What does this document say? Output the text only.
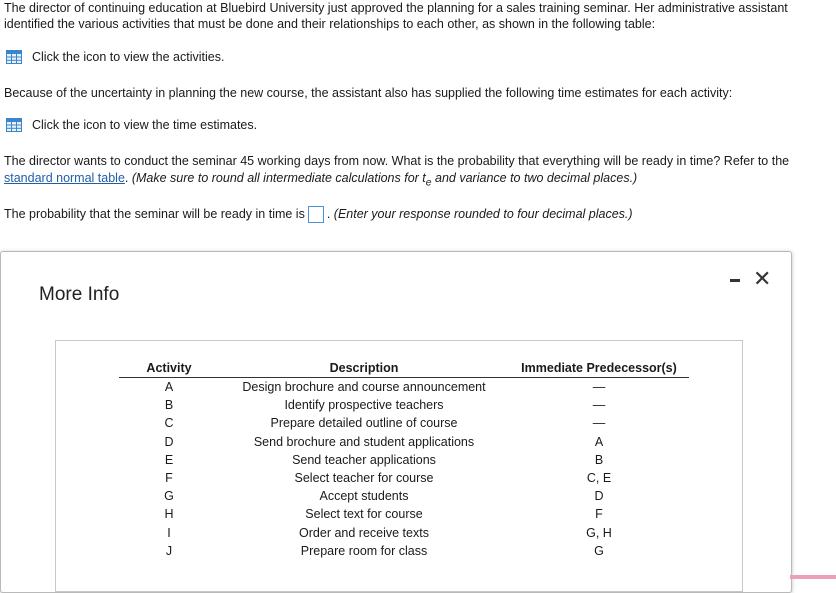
The director of continuing education at Bluebird University just approved the planning for a sales training seminar. Her administrative assistant

identified the various activities that must be done and their relationships to each other, as shown in the following table:

Click the icon to view the activities.

Because of the uncertainty in planning the new course, the assistant also has supplied the following time estimates for each activity:

Click the icon to view the time estimates.

The director wants to conduct the seminar 45 working days from now. What is the probability that everything will be ready in time? Refer to the

standard normal table. (Make sure to round all intermediate calculations for $t_e$ and variance to two decimal places.)

The probability that the seminar will be ready in time is . (Enter your response rounded to four decimal places.)

More Info
✕
Activity	Description	Immediate Predecessor(s)
A	Design brochure and course announcement	—
B	Identify prospective teachers	—
C	Prepare detailed outline of course	—
D	Send brochure and student applications	A
E	Send teacher applications	B
F	Select teacher for course	C, E
G	Accept students	D
H	Select text for course	F
I	Order and receive texts	G, H
J	Prepare room for class	G
